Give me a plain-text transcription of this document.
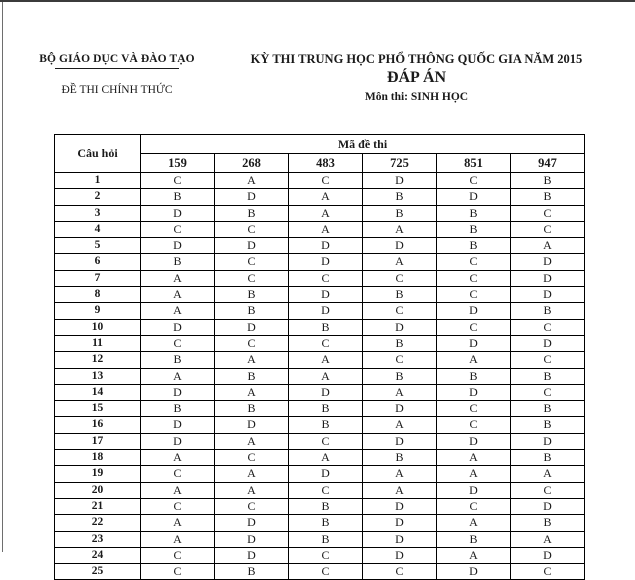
BỘ GIÁO DỤC VÀ ĐÀO TẠO
ĐỀ THI CHÍNH THỨC
KỲ THI TRUNG HỌC PHỔ THÔNG QUỐC GIA NĂM 2015
ĐÁP ÁN
Môn thi: SINH HỌC
Câu hỏi	Mã đề thi					
	159	268	483	725	851	947
1	C	A	C	D	C	B
2	B	D	A	B	D	B
3	D	B	A	B	B	C
4	C	C	A	A	B	C
5	D	D	D	D	B	A
6	B	C	D	A	C	D
7	A	C	C	C	C	D
8	A	B	D	B	C	D
9	A	B	D	C	D	B
10	D	D	B	D	C	C
11	C	C	C	B	D	D
12	B	A	A	C	A	C
13	A	B	A	B	B	B
14	D	A	D	A	D	C
15	B	B	B	D	C	B
16	D	D	B	A	C	B
17	D	A	C	D	D	D
18	A	C	A	B	A	B
19	C	A	D	A	A	A
20	A	A	C	A	D	C
21	C	C	B	D	C	D
22	A	D	B	D	A	B
23	A	D	B	D	B	A
24	C	D	C	D	A	D
25	C	B	C	C	D	C
